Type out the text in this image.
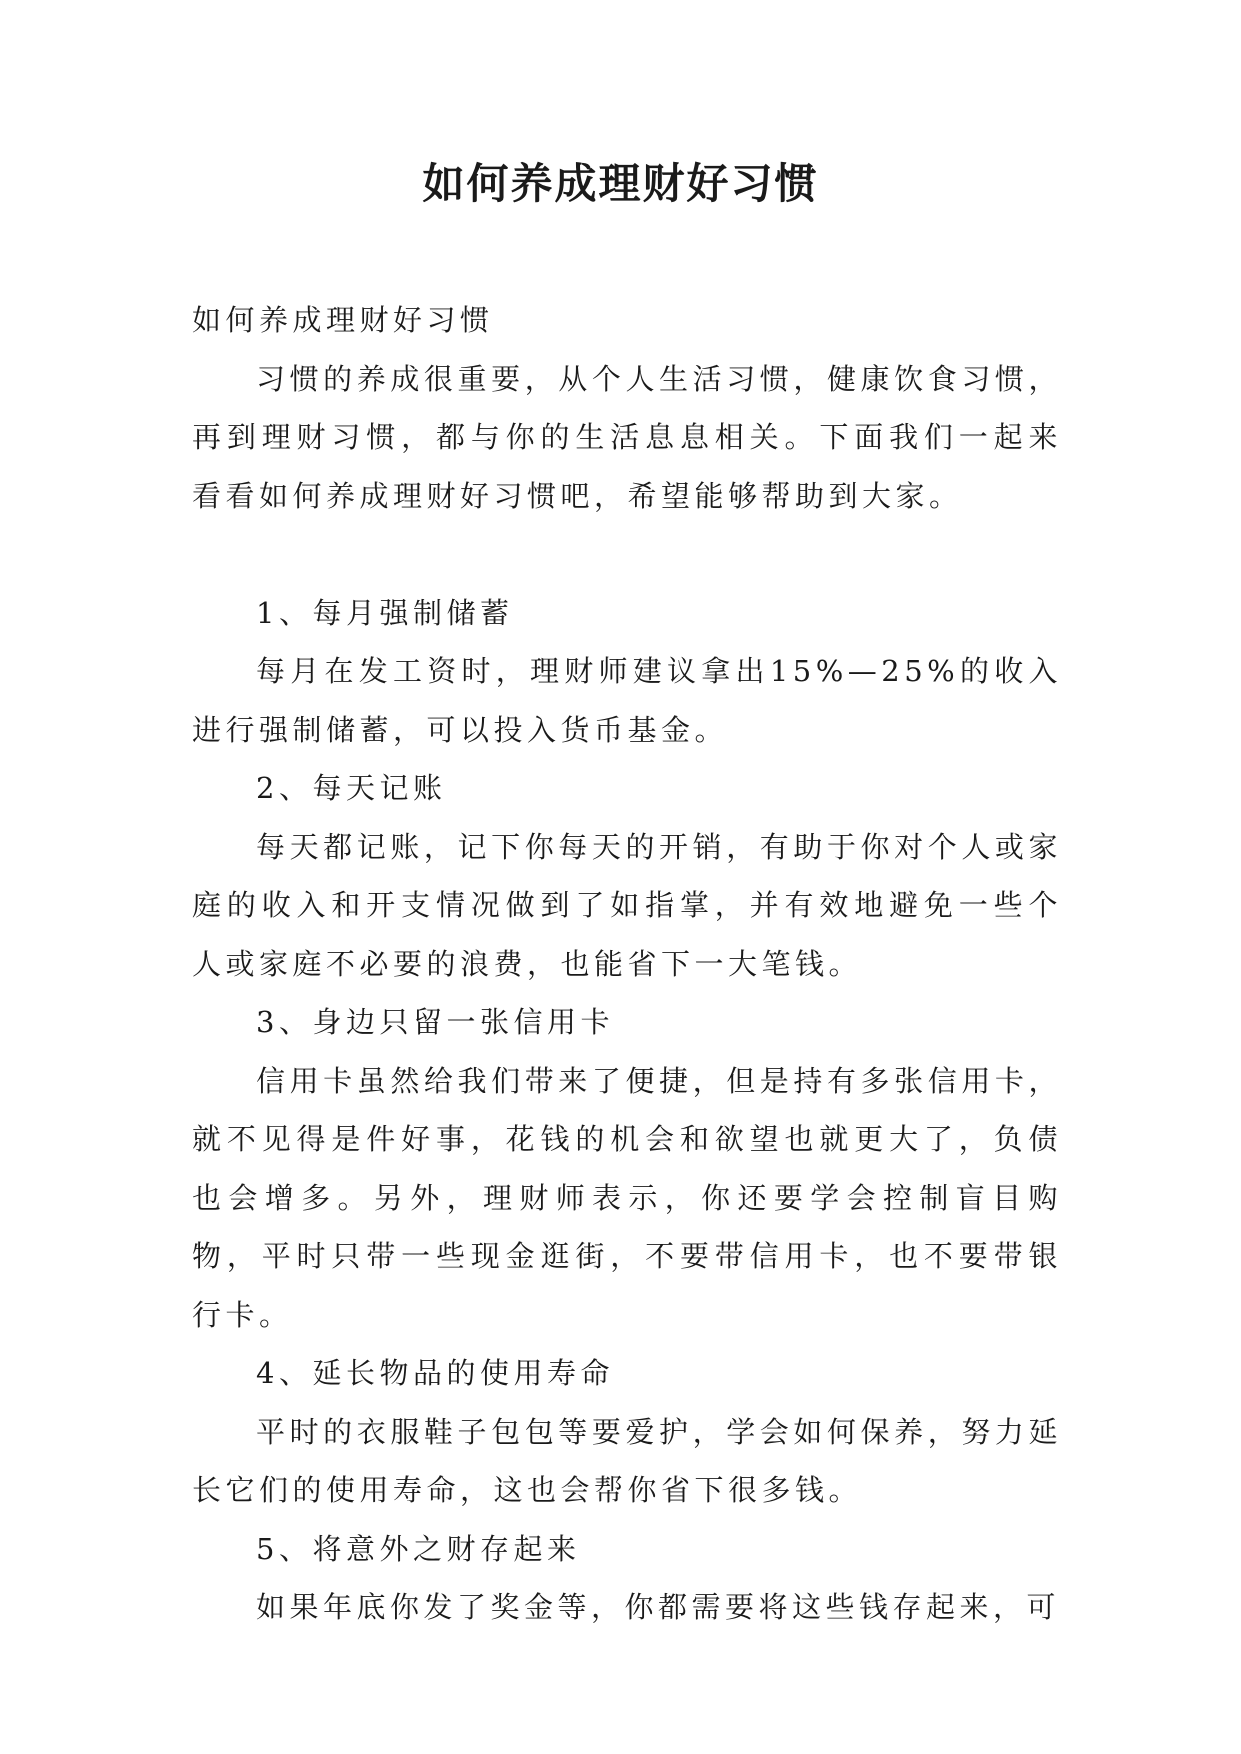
如何养成理财好习惯

如何养成理财好习惯

习惯的养成很重要，从个人生活习惯，健康饮食习惯，再到理财习惯，都与你的生活息息相关。下面我们一起来看看如何养成理财好习惯吧，希望能够帮助到大家。

1、每月强制储蓄

每月在发工资时，理财师建议拿出15%—25%的收入进行强制储蓄，可以投入货币基金。

2、每天记账

每天都记账，记下你每天的开销，有助于你对个人或家庭的收入和开支情况做到了如指掌，并有效地避免一些个人或家庭不必要的浪费，也能省下一大笔钱。

3、身边只留一张信用卡

信用卡虽然给我们带来了便捷，但是持有多张信用卡，就不见得是件好事，花钱的机会和欲望也就更大了，负债也会增多。另外，理财师表示，你还要学会控制盲目购物，平时只带一些现金逛街，不要带信用卡，也不要带银行卡。

4、延长物品的使用寿命

平时的衣服鞋子包包等要爱护，学会如何保养，努力延长它们的使用寿命，这也会帮你省下很多钱。

5、将意外之财存起来

如果年底你发了奖金等，你都需要将这些钱存起来，可
